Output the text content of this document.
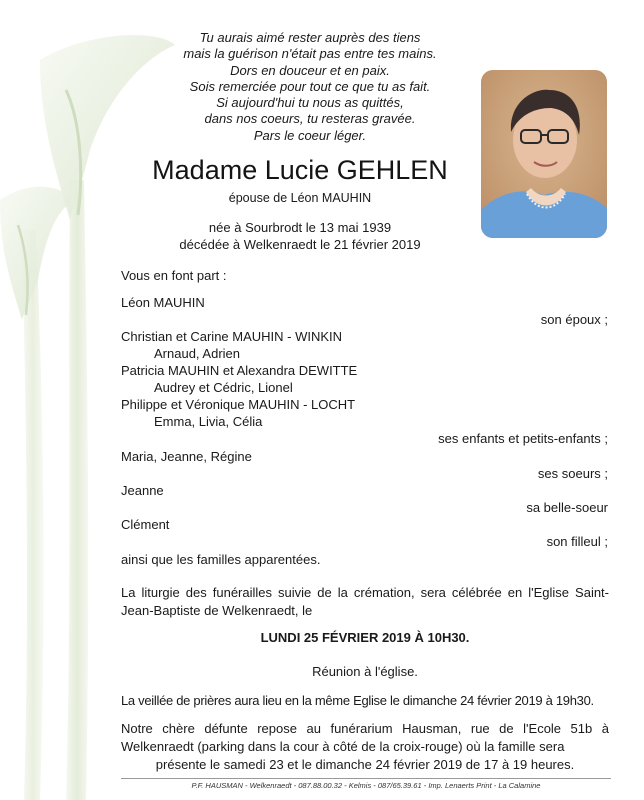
Tu aurais aimé rester auprès des tiens
mais la guérison n'était pas entre tes mains.
Dors en douceur et en paix.
Sois remerciée pour tout ce que tu as fait.
Si aujourd'hui tu nous as quittés,
dans nos coeurs, tu resteras gravée.
Pars le coeur léger.
Madame Lucie GEHLEN
épouse de Léon MAUHIN
née à Sourbrodt le 13 mai 1939
décédée à Welkenraedt le 21 février 2019
Vous en font part :
Léon MAUHIN
son époux ;
Christian et Carine MAUHIN - WINKIN
Arnaud, Adrien
Patricia MAUHIN et Alexandra DEWITTE
Audrey et Cédric, Lionel
Philippe et Véronique MAUHIN - LOCHT
Emma, Livia, Célia
ses enfants et petits-enfants ;
Maria, Jeanne, Régine
ses soeurs ;
Jeanne
sa belle-soeur
Clément
son filleul ;
ainsi que les familles apparentées.
La liturgie des funérailles suivie de la crémation, sera célébrée en l'Eglise Saint-Jean-Baptiste de Welkenraedt, le
LUNDI 25 FÉVRIER 2019 À 10H30.
Réunion à l'église.
La veillée de prières aura lieu en la même Eglise le dimanche 24 février 2019 à 19h30.
Notre chère défunte repose au funérarium Hausman, rue de l'Ecole 51b à Welkenraedt (parking dans la cour à côté de la croix-rouge) où la famille sera
présente le samedi 23 et le dimanche 24 février 2019 de 17 à 19 heures.
P.F. HAUSMAN - Welkenraedt - 087.88.00.32 - Kelmis - 087/65.39.61 - Imp. Lenaerts Print - La Calamine
